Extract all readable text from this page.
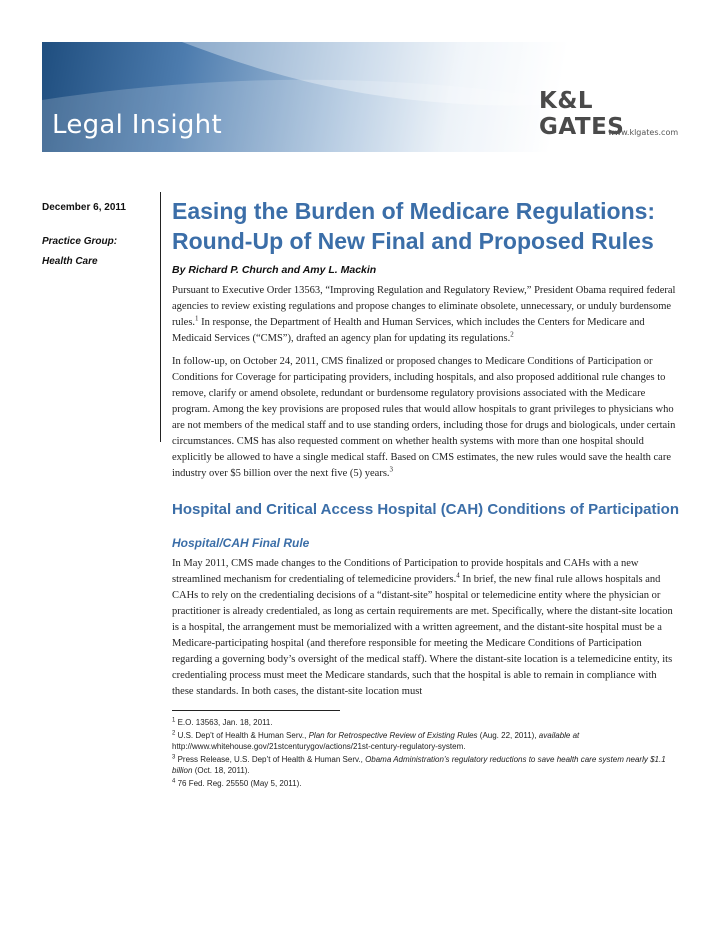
Legal Insight
K&L GATES
www.klgates.com
December 6, 2011
Practice Group:
Health Care
Easing the Burden of Medicare Regulations: Round-Up of New Final and Proposed Rules
By Richard P. Church and Amy L. Mackin

Pursuant to Executive Order 13563, “Improving Regulation and Regulatory Review,” President Obama required federal agencies to review existing regulations and propose changes to eliminate obsolete, unnecessary, or unduly burdensome rules.$^1$ In response, the Department of Health and Human Services, which includes the Centers for Medicare and Medicaid Services (“CMS”), drafted an agency plan for updating its regulations.$^2$

In follow-up, on October 24, 2011, CMS finalized or proposed changes to Medicare Conditions of Participation or Conditions for Coverage for participating providers, including hospitals, and also proposed additional rule changes to remove, clarify or amend obsolete, redundant or burdensome regulatory provisions associated with the Medicare program. Among the key provisions are proposed rules that would allow hospitals to grant privileges to physicians who are not members of the medical staff and to use standing orders, including those for drugs and biologicals, under certain circumstances. CMS has also requested comment on whether health systems with more than one hospital should explicitly be allowed to have a single medical staff. Based on CMS estimates, the new rules would save the health care industry over $5 billion over the next five (5) years.$^3$

Hospital and Critical Access Hospital (CAH) Conditions of Participation
Hospital/CAH Final Rule

In May 2011, CMS made changes to the Conditions of Participation to provide hospitals and CAHs with a new streamlined mechanism for credentialing of telemedicine providers.$^4$ In brief, the new final rule allows hospitals and CAHs to rely on the credentialing decisions of a “distant-site” hospital or telemedicine entity where the physician or practitioner is already credentialed, as long as certain requirements are met. Specifically, where the distant-site location is a hospital, the arrangement must be memorialized with a written agreement, and the distant-site hospital must be a Medicare-participating hospital (and therefore responsible for meeting the Medicare Conditions of Participation regarding a governing body’s oversight of the medical staff). Where the distant-site location is a telemedicine entity, its credentialing process must meet the Medicare standards, such that the hospital is able to remain in compliance with these standards. In both cases, the distant-site location must

$^1$ E.O. 13563, Jan. 18, 2011.

$^2$ U.S. Dep’t of Health & Human Serv., Plan for Retrospective Review of Existing Rules (Aug. 22, 2011), available at http://www.whitehouse.gov/21stcenturygov/actions/21st-century-regulatory-system.

$^3$ Press Release, U.S. Dep’t of Health & Human Serv., Obama Administration’s regulatory reductions to save health care system nearly $1.1 billion (Oct. 18, 2011).

$^4$ 76 Fed. Reg. 25550 (May 5, 2011).
